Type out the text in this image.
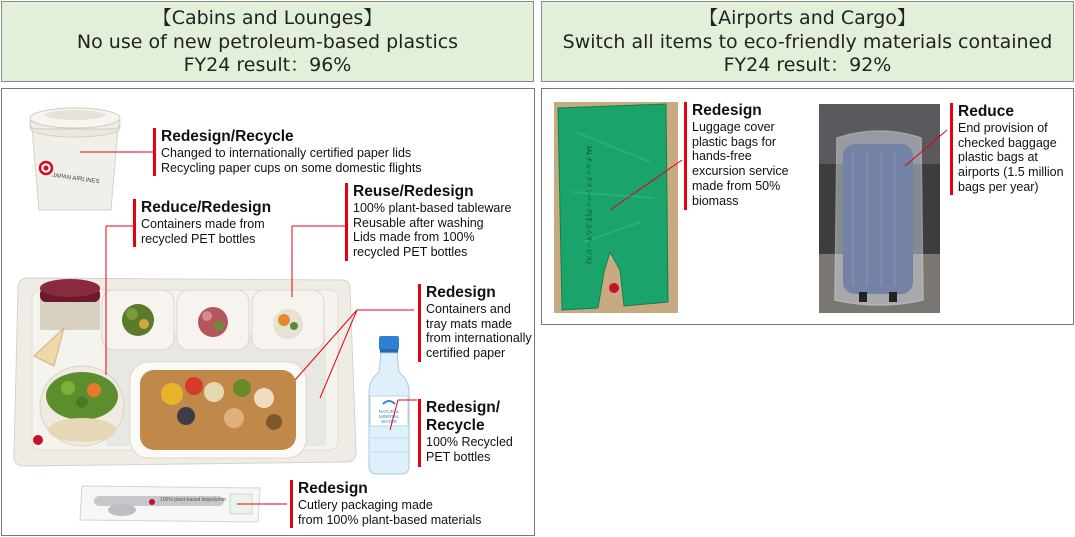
【Cabins and Lounges】
No use of new petroleum-based plastics
FY24 result：96%
【Airports and Cargo】
Switch all items to eco-friendly materials contained
FY24 result：92%
JAPAN AIRLINES
NATURAL MINERAL WATER
100% plant-based biopolymer
JALチェックインバッグ(手ぶらサービス)
Redesign/Recycle
Changed to internationally certified paper lids
Recycling paper cups on some domestic flights
Reduce/Redesign
Containers made from
recycled PET bottles
Reuse/Redesign
100% plant-based tableware
Reusable after washing
Lids made from 100%
recycled PET bottles
Redesign
Containers and
tray mats made
from internationally
certified paper
Redesign/
Recycle
100% Recycled
PET bottles
Redesign
Cutlery packaging made
from 100% plant-based materials
Redesign
Luggage cover
plastic bags for
hands-free
excursion service
made from 50%
biomass
Reduce
End provision of
checked baggage
plastic bags at
airports (1.5 million
bags per year)
